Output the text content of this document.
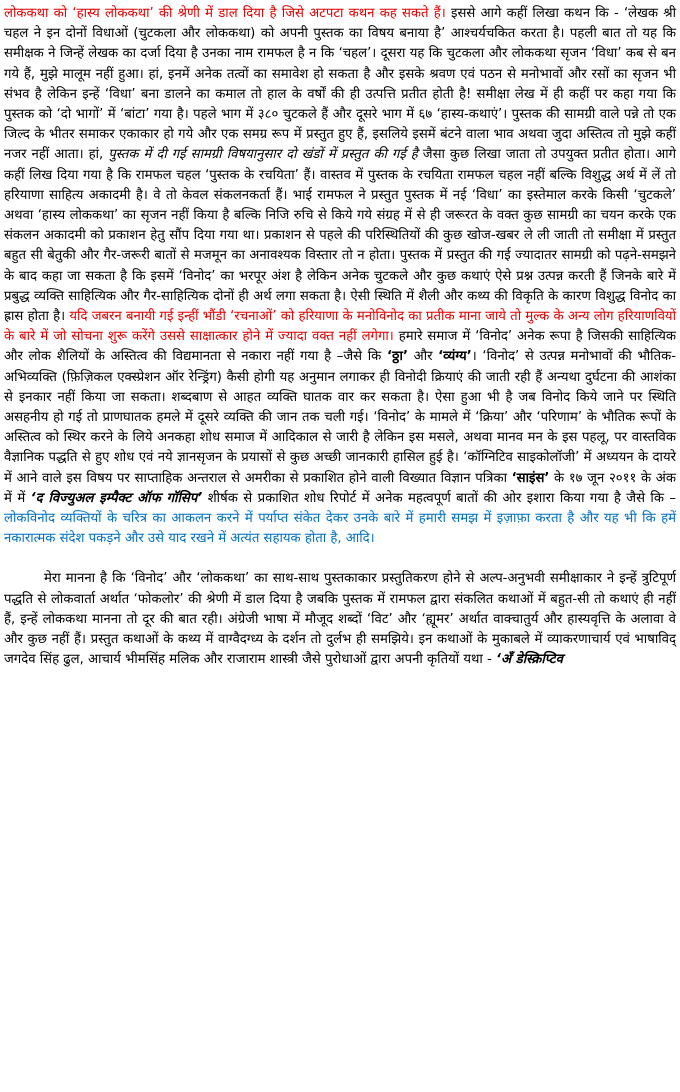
लोककथा को ‘हास्य लोककथा’ की श्रेणी में डाल दिया है जिसे अटपटा कथन कह सकते हैं। इससे आगे कहीं लिखा कथन कि - ‘लेखक श्री चहल ने इन दोनों विधाओं (चुटकला और लोककथा) को अपनी पुस्तक का विषय बनाया है’ आश्चर्यचकित करता है। पहली बात तो यह कि समीक्षक ने जिन्हें लेखक का दर्जा दिया है उनका नाम रामफल है न कि ‘चहल’। दूसरा यह कि चुटकला और लोककथा सृजन ‘विधा’ कब से बन गये हैं, मुझे मालूम नहीं हुआ। हां, इनमें अनेक तत्वों का समावेश हो सकता है और इसके श्रवण एवं पठन से मनोभावों और रसों का सृजन भी संभव है लेकिन इन्हें ‘विधा’ बना डालने का कमाल तो हाल के वर्षों की ही उत्पत्ति प्रतीत होती है! समीक्षा लेख में ही कहीं पर कहा गया कि पुस्तक को ‘दो भागों’ में ‘बांटा’ गया है। पहले भाग में ३८० चुटकले हैं और दूसरे भाग में ६७ ‘हास्य-कथाएं’। पुस्तक की सामग्री वाले पन्ने तो एक जिल्द के भीतर समाकर एकाकार हो गये और एक समग्र रूप में प्रस्तुत हुए हैं, इसलिये इसमें बंटने वाला भाव अथवा जुदा अस्तित्व तो मुझे कहीं नजर नहीं आता। हां, पुस्तक में दी गई सामग्री विषयानुसार दो खंडों में प्रस्तुत की गई है जैसा कुछ लिखा जाता तो उपयुक्त प्रतीत होता। आगे कहीं लिख दिया गया है कि रामफल चहल ‘पुस्तक के रचयिता’ हैं। वास्तव में पुस्तक के रचयिता रामफल चहल नहीं बल्कि विशुद्ध अर्थ में लें तो हरियाणा साहित्य अकादमी है। वे तो केवल संकलनकर्ता हैं। भाई रामफल ने प्रस्तुत पुस्तक में नई ‘विधा’ का इस्तेमाल करके किसी ‘चुटकले’ अथवा ‘हास्य लोककथा’ का सृजन नहीं किया है बल्कि निजि रुचि से किये गये संग्रह में से ही जरूरत के वक्त कुछ सामग्री का चयन करके एक संकलन अकादमी को प्रकाशन हेतु सौंप दिया गया था। प्रकाशन से पहले की परिस्थितियों की कुछ खोज-खबर ले ली जाती तो समीक्षा में प्रस्तुत बहुत सी बेतुकी और गैर-जरूरी बातों से मजमून का अनावश्यक विस्तार तो न होता। पुस्तक में प्रस्तुत की गई ज्यादातर सामग्री को पढ़ने-समझने के बाद कहा जा सकता है कि इसमें ‘विनोद’ का भरपूर अंश है लेकिन अनेक चुटकले और कुछ कथाएं ऐसे प्रश्न उत्पन्न करती हैं जिनके बारे में प्रबुद्ध व्यक्ति साहित्यिक और गैर-साहित्यिक दोनों ही अर्थ लगा सकता है। ऐसी स्थिति में शैली और कथ्य की विकृति के कारण विशुद्ध विनोद का ह्रास होता है। यदि जबरन बनायी गई इन्हीं भौंडी ‘रचनाओं’ को हरियाणा के मनोविनोद का प्रतीक माना जाये तो मुल्क के अन्य लोग हरियाणवियों के बारे में जो सोचना शुरू करेंगे उससे साक्षात्कार होने में ज्यादा वक्त नहीं लगेगा। हमारे समाज में ‘विनोद’ अनेक रूपा है जिसकी साहित्यिक और लोक शैलियों के अस्तित्व की विद्यमानता से नकारा नहीं गया है –जैसे कि ‘ठ्ठा’ और ‘व्यंग्य’। ‘विनोद’ से उत्पन्न मनोभावों की भौतिक-अभिव्यक्ति (फ़िज़िकल एक्स्प्रेशन ऑर रेन्ड्रिंग) कैसी होगी यह अनुमान लगाकर ही विनोदी क्रियाएं की जाती रही हैं अन्यथा दुर्घटना की आशंका से इनकार नहीं किया जा सकता। शब्दबाण से आहत व्यक्ति घातक वार कर सकता है। ऐसा हुआ भी है जब विनोद किये जाने पर स्थिति असहनीय हो गई तो प्राणघातक हमले में दूसरे व्यक्ति की जान तक चली गई। ‘विनोद’ के मामले में ‘क्रिया’ और ‘परिणाम’ के भौतिक रूपों के अस्तित्व को स्थिर करने के लिये अनकहा शोध समाज में आदिकाल से जारी है लेकिन इस मसले, अथवा मानव मन के इस पहलू, पर वास्तविक वैज्ञानिक पद्धति से हुए शोध एवं नये ज्ञानसृजन के प्रयासों से कुछ अच्छी जानकारी हासिल हुई है। ‘कॉग्निटिव साइकोलॉजी’ में अध्ययन के दायरे में आने वाले इस विषय पर साप्ताहिक अन्तराल से अमरीका से प्रकाशित होने वाली विख्यात विज्ञान पत्रिका ‘साइंस’ के १७ जून २०११ के अंक में में ‘द विज्युअल इम्पैक्ट ऑफ गॉसिप’ शीर्षक से प्रकाशित शोध रिपोर्ट में अनेक महत्वपूर्ण बातों की ओर इशारा किया गया है जैसे कि –लोकविनोद व्यक्तियों के चरित्र का आकलन करने में पर्याप्त संकेत देकर उनके बारे में हमारी समझ में इज़ाफ़ा करता है और यह भी कि हमें नकारात्मक संदेश पकड़ने और उसे याद रखने में अत्यंत सहायक होता है, आदि।

मेरा मानना है कि ‘विनोद’ और ‘लोककथा’ का साथ-साथ पुस्तकाकार प्रस्तुतिकरण होने से अल्प-अनुभवी समीक्षाकार ने इन्हें त्रुटिपूर्ण पद्धति से लोकवार्ता अर्थात ‘फोकलोर’ की श्रेणी में डाल दिया है जबकि पुस्तक में रामफल द्वारा संकलित कथाओं में बहुत-सी तो कथाएं ही नहीं हैं, इन्हें लोककथा मानना तो दूर की बात रही। अंग्रेजी भाषा में मौजूद शब्दों ‘विट’ और ‘ह्यूमर’ अर्थात वाक्चातुर्य और हास्यवृत्ति के अलावा वे और कुछ नहीं हैं। प्रस्तुत कथाओं के कथ्य में वाग्वैदग्ध्य के दर्शन तो दुर्लभ ही समझिये। इन कथाओं के मुकाबले में व्याकरणाचार्य एवं भाषाविद् जगदेव सिंह ढुल, आचार्य भीमसिंह मलिक और राजाराम शास्त्री जैसे पुरोधाओं द्वारा अपनी कृतियों यथा - ‘अँ डेस्क्रिप्टिव
